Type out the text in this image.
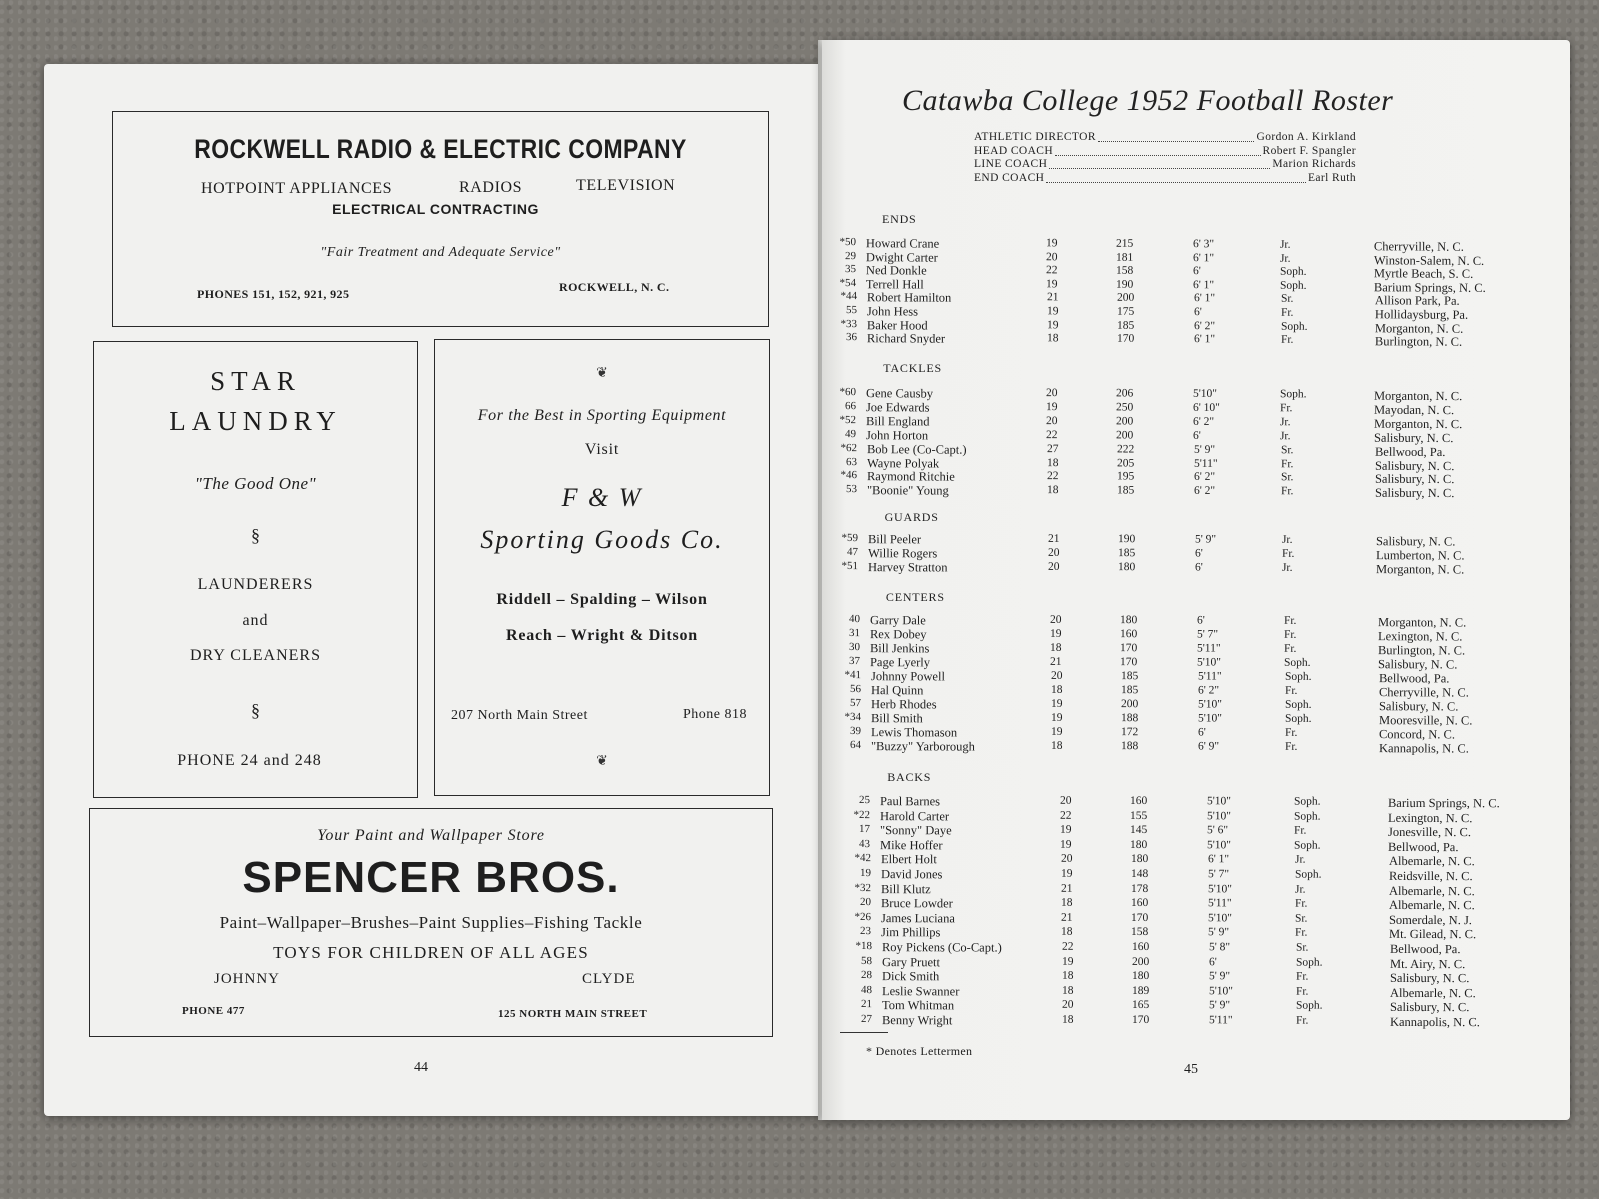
ROCKWELL RADIO & ELECTRIC COMPANY
HOTPOINT APPLIANCES	RADIOS	TELEVISION
ELECTRICAL CONTRACTING
"Fair Treatment and Adequate Service"
PHONES 151, 152, 921, 925	ROCKWELL, N. C.
STAR
LAUNDRY
"The Good One"
§
LAUNDERERS
and
DRY CLEANERS
§
PHONE 24 and 248
❦
For the Best in Sporting Equipment
Visit
F & W
Sporting Goods Co.
Riddell – Spalding – Wilson
Reach – Wright & Ditson
207 North Main Street	Phone 818
❦
Your Paint and Wallpaper Store
SPENCER BROS.
Paint–Wallpaper–Brushes–Paint Supplies–Fishing Tackle
TOYS FOR CHILDREN OF ALL AGES
JOHNNY	CLYDE
PHONE 477	125 NORTH MAIN STREET
44
Catawba College 1952 Football Roster
ATHLETIC DIRECTOR	Gordon A. Kirkland
HEAD COACH	Robert F. Spangler
LINE COACH	Marion Richards
END COACH	Earl Ruth
ENDS
*50 Howard Crane	19	215	6' 3"	Jr.	Cherryville, N. C.
29 Dwight Carter	20	181	6' 1"	Jr.	Winston-Salem, N. C.
35 Ned Donkle	22	158	6'	Soph.	Myrtle Beach, S. C.
*54 Terrell Hall	19	190	6' 1"	Soph.	Barium Springs, N. C.
*44 Robert Hamilton	21	200	6' 1"	Sr.	Allison Park, Pa.
55 John Hess	19	175	6'	Fr.	Hollidaysburg, Pa.
*33 Baker Hood	19	185	6' 2"	Soph.	Morganton, N. C.
36 Richard Snyder	18	170	6' 1"	Fr.	Burlington, N. C.
TACKLES
*60 Gene Causby	20	206	5'10"	Soph.	Morganton, N. C.
66 Joe Edwards	19	250	6' 10"	Fr.	Mayodan, N. C.
*52 Bill England	20	200	6' 2"	Jr.	Morganton, N. C.
49 John Horton	22	200	6'	Jr.	Salisbury, N. C.
*62 Bob Lee (Co-Capt.)	27	222	5' 9"	Sr.	Bellwood, Pa.
63 Wayne Polyak	18	205	5'11"	Fr.	Salisbury, N. C.
*46 Raymond Ritchie	22	195	6' 2"	Sr.	Salisbury, N. C.
53 "Boonie" Young	18	185	6' 2"	Fr.	Salisbury, N. C.
GUARDS
*59 Bill Peeler	21	190	5' 9"	Jr.	Salisbury, N. C.
47 Willie Rogers	20	185	6'	Fr.	Lumberton, N. C.
*51 Harvey Stratton	20	180	6'	Jr.	Morganton, N. C.
CENTERS
40 Garry Dale	20	180	6'	Fr.	Morganton, N. C.
31 Rex Dobey	19	160	5' 7"	Fr.	Lexington, N. C.
30 Bill Jenkins	18	170	5'11"	Fr.	Burlington, N. C.
37 Page Lyerly	21	170	5'10"	Soph.	Salisbury, N. C.
*41 Johnny Powell	20	185	5'11"	Soph.	Bellwood, Pa.
56 Hal Quinn	18	185	6' 2"	Fr.	Cherryville, N. C.
57 Herb Rhodes	19	200	5'10"	Soph.	Salisbury, N. C.
*34 Bill Smith	19	188	5'10"	Soph.	Mooresville, N. C.
39 Lewis Thomason	19	172	6'	Fr.	Concord, N. C.
64 "Buzzy" Yarborough	18	188	6' 9"	Fr.	Kannapolis, N. C.
BACKS
25 Paul Barnes	20	160	5'10"	Soph.	Barium Springs, N. C.
*22 Harold Carter	22	155	5'10"	Soph.	Lexington, N. C.
17 "Sonny" Daye	19	145	5' 6"	Fr.	Jonesville, N. C.
43 Mike Hoffer	19	180	5'10"	Soph.	Bellwood, Pa.
*42 Elbert Holt	20	180	6' 1"	Jr.	Albemarle, N. C.
19 David Jones	19	148	5' 7"	Soph.	Reidsville, N. C.
*32 Bill Klutz	21	178	5'10"	Jr.	Albemarle, N. C.
20 Bruce Lowder	18	160	5'11"	Fr.	Albemarle, N. C.
*26 James Luciana	21	170	5'10"	Sr.	Somerdale, N. J.
23 Jim Phillips	18	158	5' 9"	Fr.	Mt. Gilead, N. C.
*18 Roy Pickens (Co-Capt.)	22	160	5' 8"	Sr.	Bellwood, Pa.
58 Gary Pruett	19	200	6'	Soph.	Mt. Airy, N. C.
28 Dick Smith	18	180	5' 9"	Fr.	Salisbury, N. C.
48 Leslie Swanner	18	189	5'10"	Fr.	Albemarle, N. C.
21 Tom Whitman	20	165	5' 9"	Soph.	Salisbury, N. C.
27 Benny Wright	18	170	5'11"	Fr.	Kannapolis, N. C.
* Denotes Lettermen
45
